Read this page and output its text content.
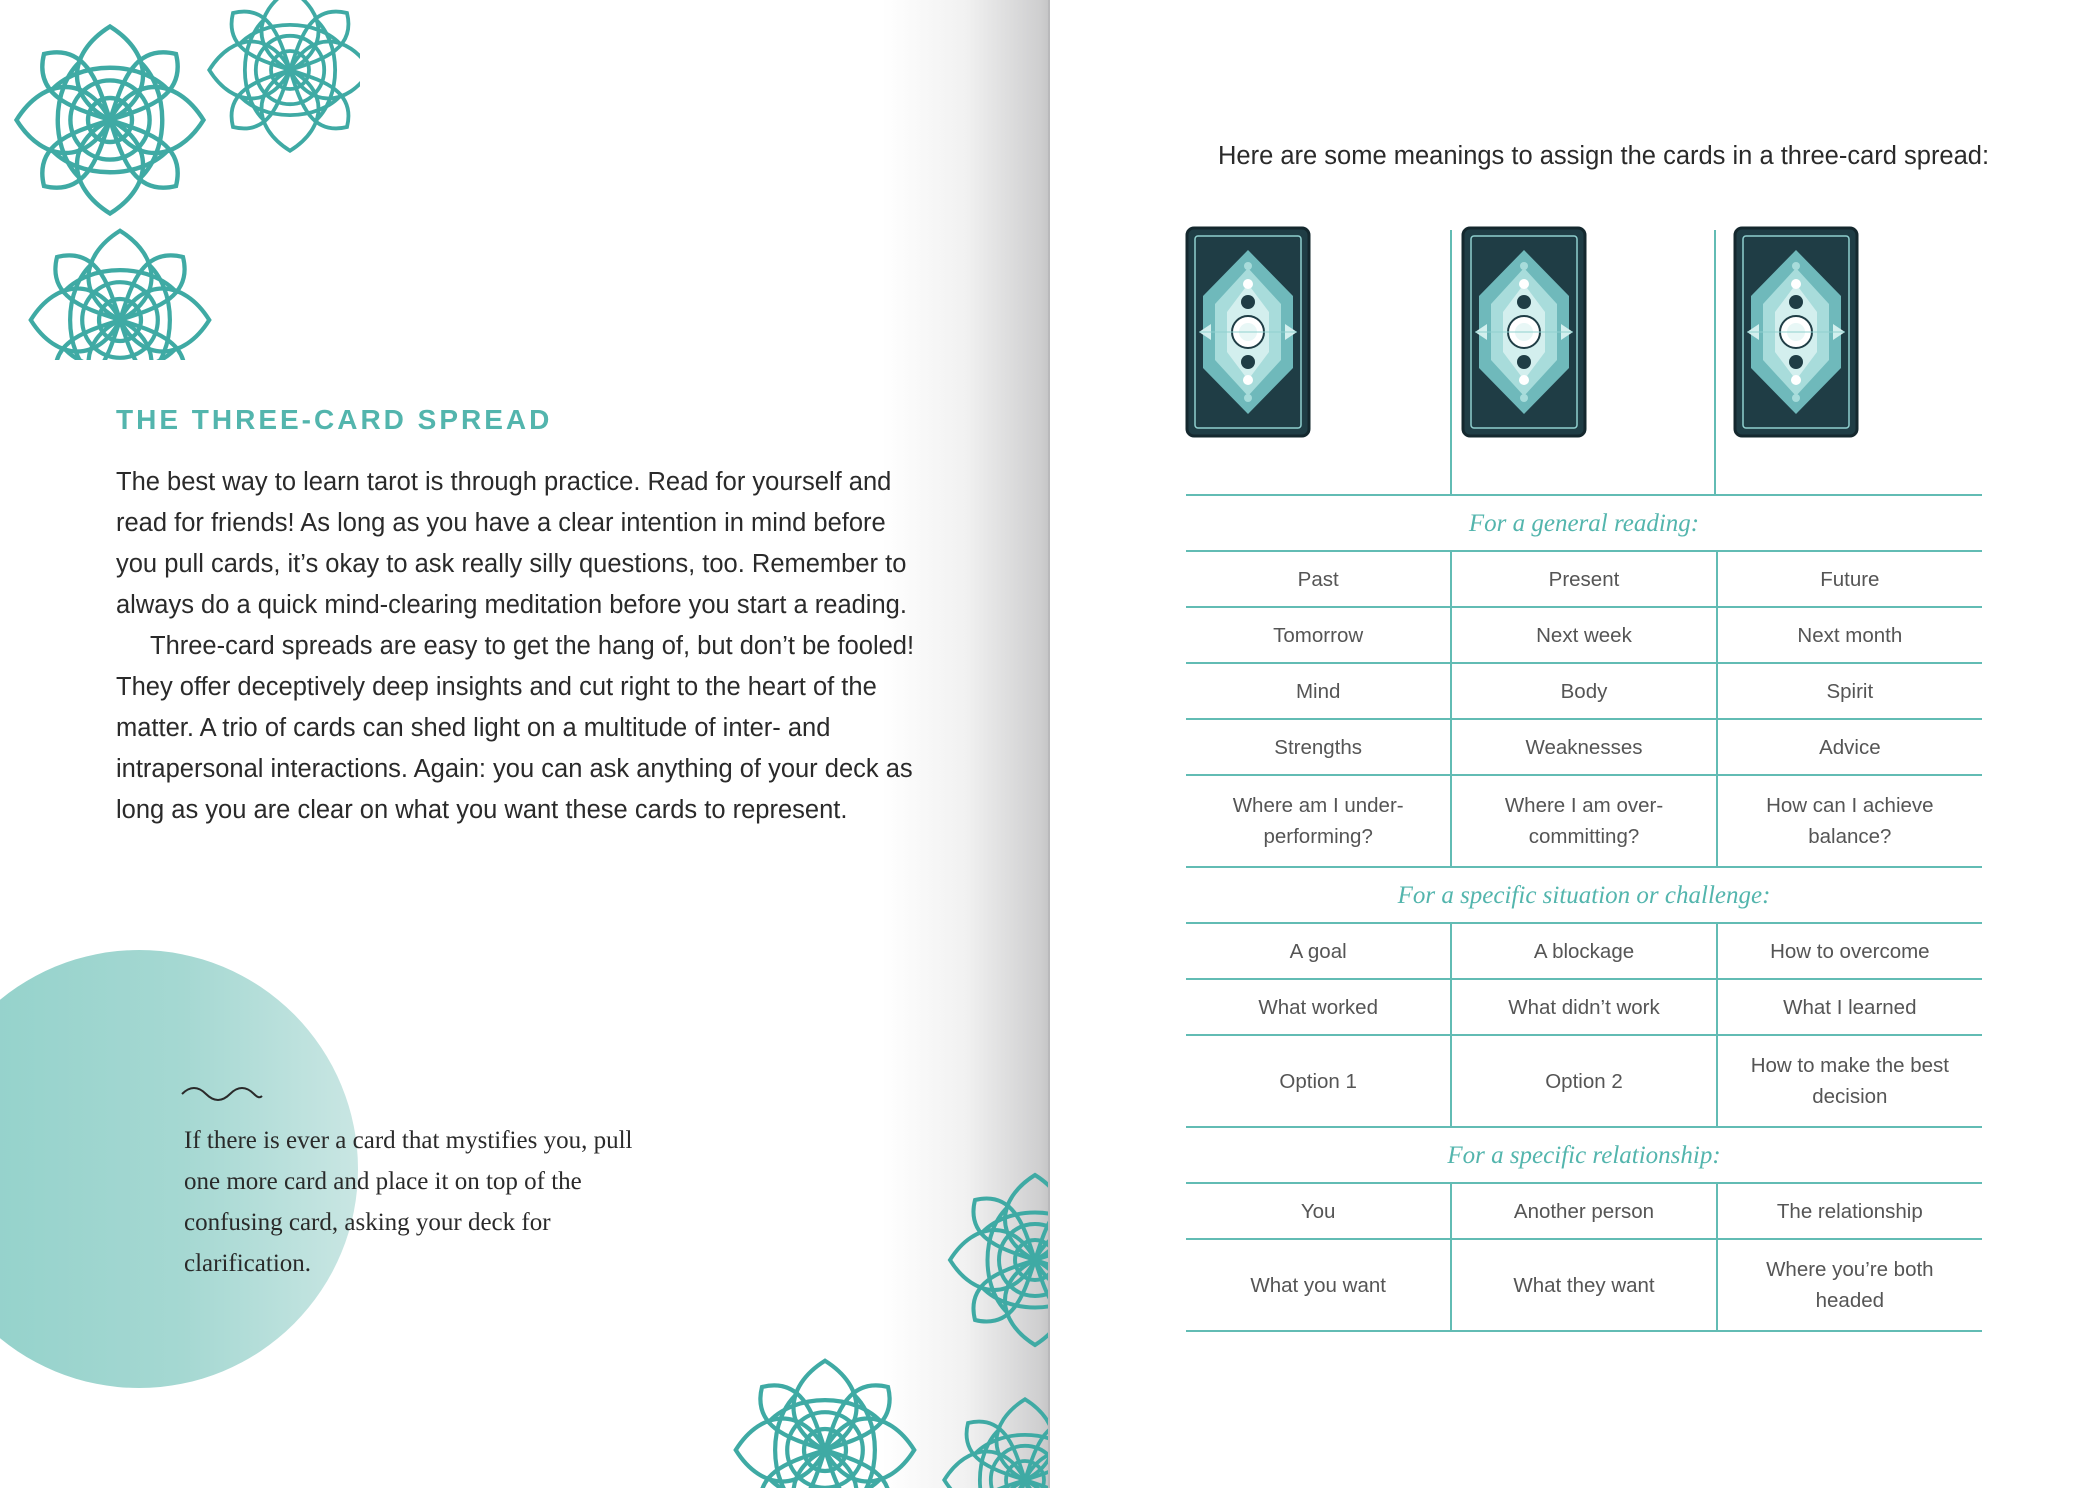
THE THREE-CARD SPREAD

The best way to learn tarot is through practice. Read for yourself and read for friends! As long as you have a clear intention in mind before you pull cards, it’s okay to ask really silly questions, too. Remember to always do a quick mind-clearing meditation before you start a reading.

Three-card spreads are easy to get the hang of, but don’t be fooled! They offer deceptively deep insights and cut right to the heart of the matter. A trio of cards can shed light on a multitude of inter- and intrapersonal interactions. Again: you can ask anything of your deck as long as you are clear on what you want these cards to represent.

If there is ever a card that mystifies you, pull one more card and place it on top of the confusing card, asking your deck for clarification.
Here are some meanings to assign the cards in a three-card spread:
For a general reading:		
Past	Present	Future
Tomorrow	Next week	Next month
Mind	Body	Spirit
Strengths	Weaknesses	Advice
Where am I under-performing?	Where I am over-committing?	How can I achieve balance?
For a specific situation or challenge:		
A goal	A blockage	How to overcome
What worked	What didn’t work	What I learned
Option 1	Option 2	How to make the best decision
For a specific relationship:		
You	Another person	The relationship
What you want	What they want	Where you’re both headed
